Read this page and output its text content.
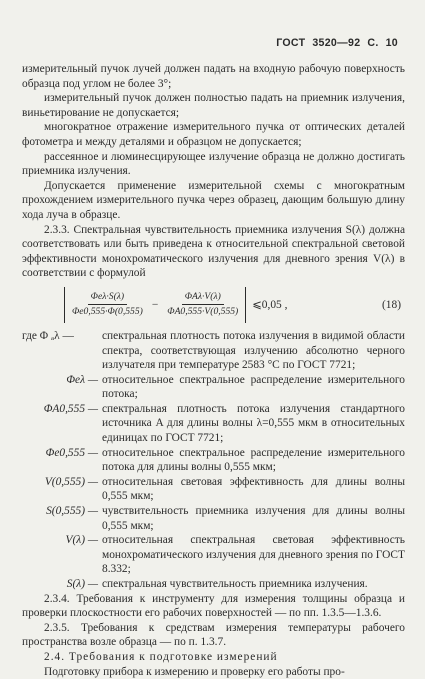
ГОСТ 3520—92 С. 10

измерительный пучок лучей должен падать на входную рабочую поверхность образца под углом не более 3°;

измерительный пучок должен полностью падать на приемник излучения, виньетирование не допускается;

многократное отражение измерительного пучка от оптических деталей фотометра и между деталями и образцом не допускается;

рассеянное и люминесцирующее излучение образца не должно достигать приемника излучения.

Допускается применение измерительной схемы с многократным прохождением измерительного пучка через образец, дающим большую длину хода луча в образце.

2.3.3. Спектральная чувствительность приемника излучения S(λ) должна соответствовать или быть приведена к относительной спектральной световой эффективности монохроматического излучения для дневного зрения V(λ) в соответствии с формулой

$\frac{\text{Φeλ·S(λ)}}{\Phi e0,555\cdot\Phi(0,555)} - \frac{\text{ΦAλ·V(λ)}}{\Phi A0,555\cdot V(0,555)}$ ⩽0,05 ,	(18)
где Φ ₐλ —	спектральная плотность потока излучения в видимой области спектра, соответствующая излучению абсолютно черного излучателя при температуре 2583 °С по ГОСТ 7721;
Φeλ — относительное спектральное распределение измерительного потока;
ΦA0,555 — спектральная плотность потока излучения стандартного источника A для длины волны λ=0,555 мкм в относительных единицах по ГОСТ 7721;
Φe0,555 — относительное спектральное распределение измерительного потока для длины волны 0,555 мкм;
V(0,555) — относительная световая эффективность для длины волны 0,555 мкм;
S(0,555) — чувствительность приемника излучения для длины волны 0,555 мкм;
V(λ) — относительная спектральная световая эффективность монохроматического излучения для дневного зрения по ГОСТ 8.332;
S(λ) — спектральная чувствительность приемника излучения.

2.3.4. Требования к инструменту для измерения толщины образца и проверки плоскостности его рабочих поверхностей — по пп. 1.3.5—1.3.6.

2.3.5. Требования к средствам измерения температуры рабочего пространства возле образца — по п. 1.3.7.

2.4. Требования к подготовке измерений

Подготовку прибора к измерению и проверку его работы про-
